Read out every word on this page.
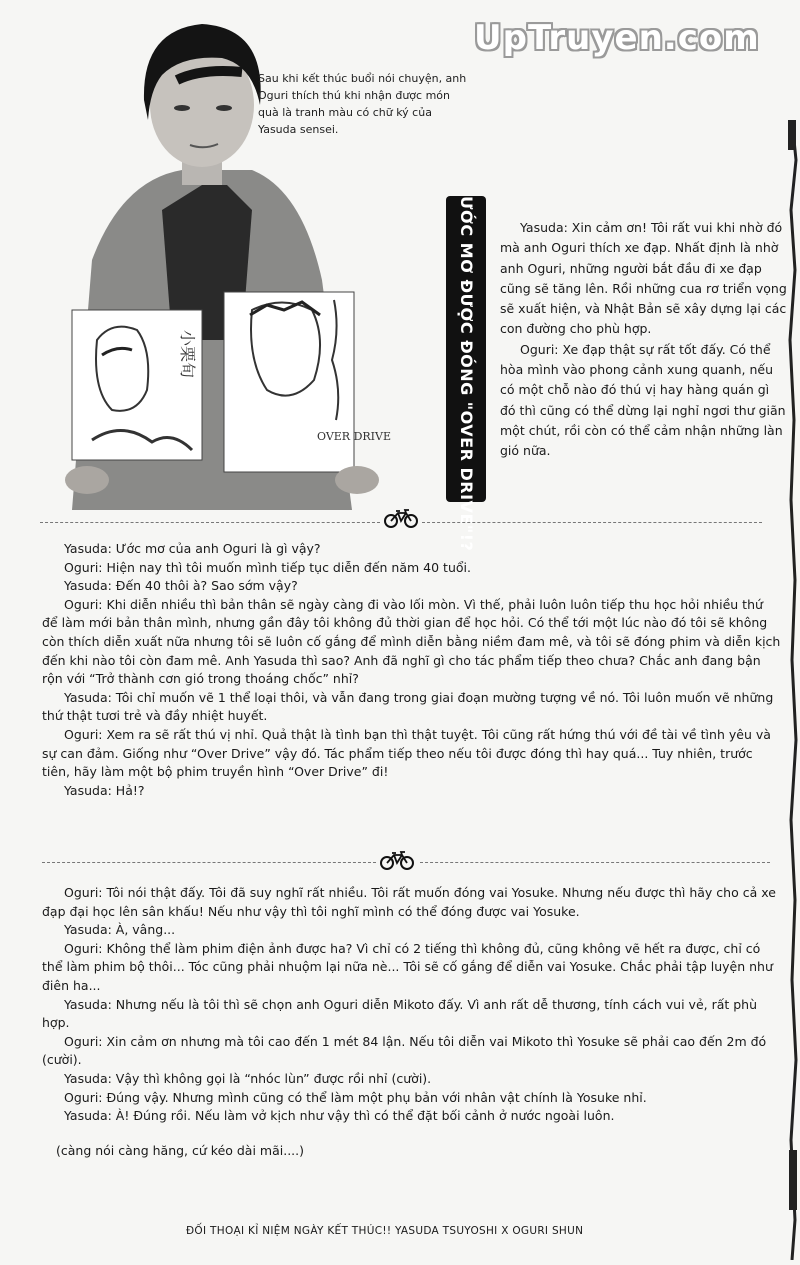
UpTruyen.com
小栗旬
OVER DRIVE
Sau khi kết thúc buổi nói chuyện, anh Oguri thích thú khi nhận được món quà là tranh màu có chữ ký của Yasuda sensei.
ƯỚC MƠ ĐƯỢC ĐÓNG "OVER DRIVE"!?	Yasuda: Xin cảm ơn! Tôi rất vui khi nhờ đó mà anh Oguri thích xe đạp. Nhất định là nhờ anh Oguri, những người bắt đầu đi xe đạp cũng sẽ tăng lên. Rồi những cua rơ triển vọng sẽ xuất hiện, và Nhật Bản sẽ xây dựng lại các con đường cho phù hợp.

Oguri: Xe đạp thật sự rất tốt đấy. Có thể hòa mình vào phong cảnh xung quanh, nếu có một chỗ nào đó thú vị hay hàng quán gì đó thì cũng có thể dừng lại nghỉ ngơi thư giãn một chút, rồi còn có thể cảm nhận những làn gió nữa.

Yasuda: Ước mơ của anh Oguri là gì vậy?

Oguri: Hiện nay thì tôi muốn mình tiếp tục diễn đến năm 40 tuổi.

Yasuda: Đến 40 thôi à? Sao sớm vậy?

Oguri: Khi diễn nhiều thì bản thân sẽ ngày càng đi vào lối mòn. Vì thế, phải luôn luôn tiếp thu học hỏi nhiều thứ để làm mới bản thân mình, nhưng gần đây tôi không đủ thời gian để học hỏi. Có thể tới một lúc nào đó tôi sẽ không còn thích diễn xuất nữa nhưng tôi sẽ luôn cố gắng để mình diễn bằng niềm đam mê, và tôi sẽ đóng phim và diễn kịch đến khi nào tôi còn đam mê. Anh Yasuda thì sao? Anh đã nghĩ gì cho tác phẩm tiếp theo chưa? Chắc anh đang bận rộn với “Trở thành cơn gió trong thoáng chốc” nhỉ?

Yasuda: Tôi chỉ muốn vẽ 1 thể loại thôi, và vẫn đang trong giai đoạn mường tượng về nó. Tôi luôn muốn vẽ những thứ thật tươi trẻ và đầy nhiệt huyết.

Oguri: Xem ra sẽ rất thú vị nhỉ. Quả thật là tình bạn thì thật tuyệt. Tôi cũng rất hứng thú với đề tài về tình yêu và sự can đảm. Giống như “Over Drive” vậy đó. Tác phẩm tiếp theo nếu tôi được đóng thì hay quá... Tuy nhiên, trước tiên, hãy làm một bộ phim truyền hình “Over Drive” đi!

Yasuda: Hả!?

Oguri: Tôi nói thật đấy. Tôi đã suy nghĩ rất nhiều. Tôi rất muốn đóng vai Yosuke. Nhưng nếu được thì hãy cho cả xe đạp đại học lên sân khấu! Nếu như vậy thì tôi nghĩ mình có thể đóng được vai Yosuke.

Yasuda: À, vâng...

Oguri: Không thể làm phim điện ảnh được ha? Vì chỉ có 2 tiếng thì không đủ, cũng không vẽ hết ra được, chỉ có thể làm phim bộ thôi... Tóc cũng phải nhuộm lại nữa nè... Tôi sẽ cố gắng để diễn vai Yosuke. Chắc phải tập luyện như điên ha...

Yasuda: Nhưng nếu là tôi thì sẽ chọn anh Oguri diễn Mikoto đấy. Vì anh rất dễ thương, tính cách vui vẻ, rất phù hợp.

Oguri: Xin cảm ơn nhưng mà tôi cao đến 1 mét 84 lận. Nếu tôi diễn vai Mikoto thì Yosuke sẽ phải cao đến 2m đó (cười).

Yasuda: Vậy thì không gọi là “nhóc lùn” được rồi nhỉ (cười).

Oguri: Đúng vậy. Nhưng mình cũng có thể làm một phụ bản với nhân vật chính là Yosuke nhỉ.

Yasuda: À! Đúng rồi. Nếu làm vở kịch như vậy thì có thể đặt bối cảnh ở nước ngoài luôn.

(càng nói càng hăng, cứ kéo dài mãi....)

ĐỐI THOẠI KỈ NIỆM NGÀY KẾT THÚC!! YASUDA TSUYOSHI X OGURI SHUN
